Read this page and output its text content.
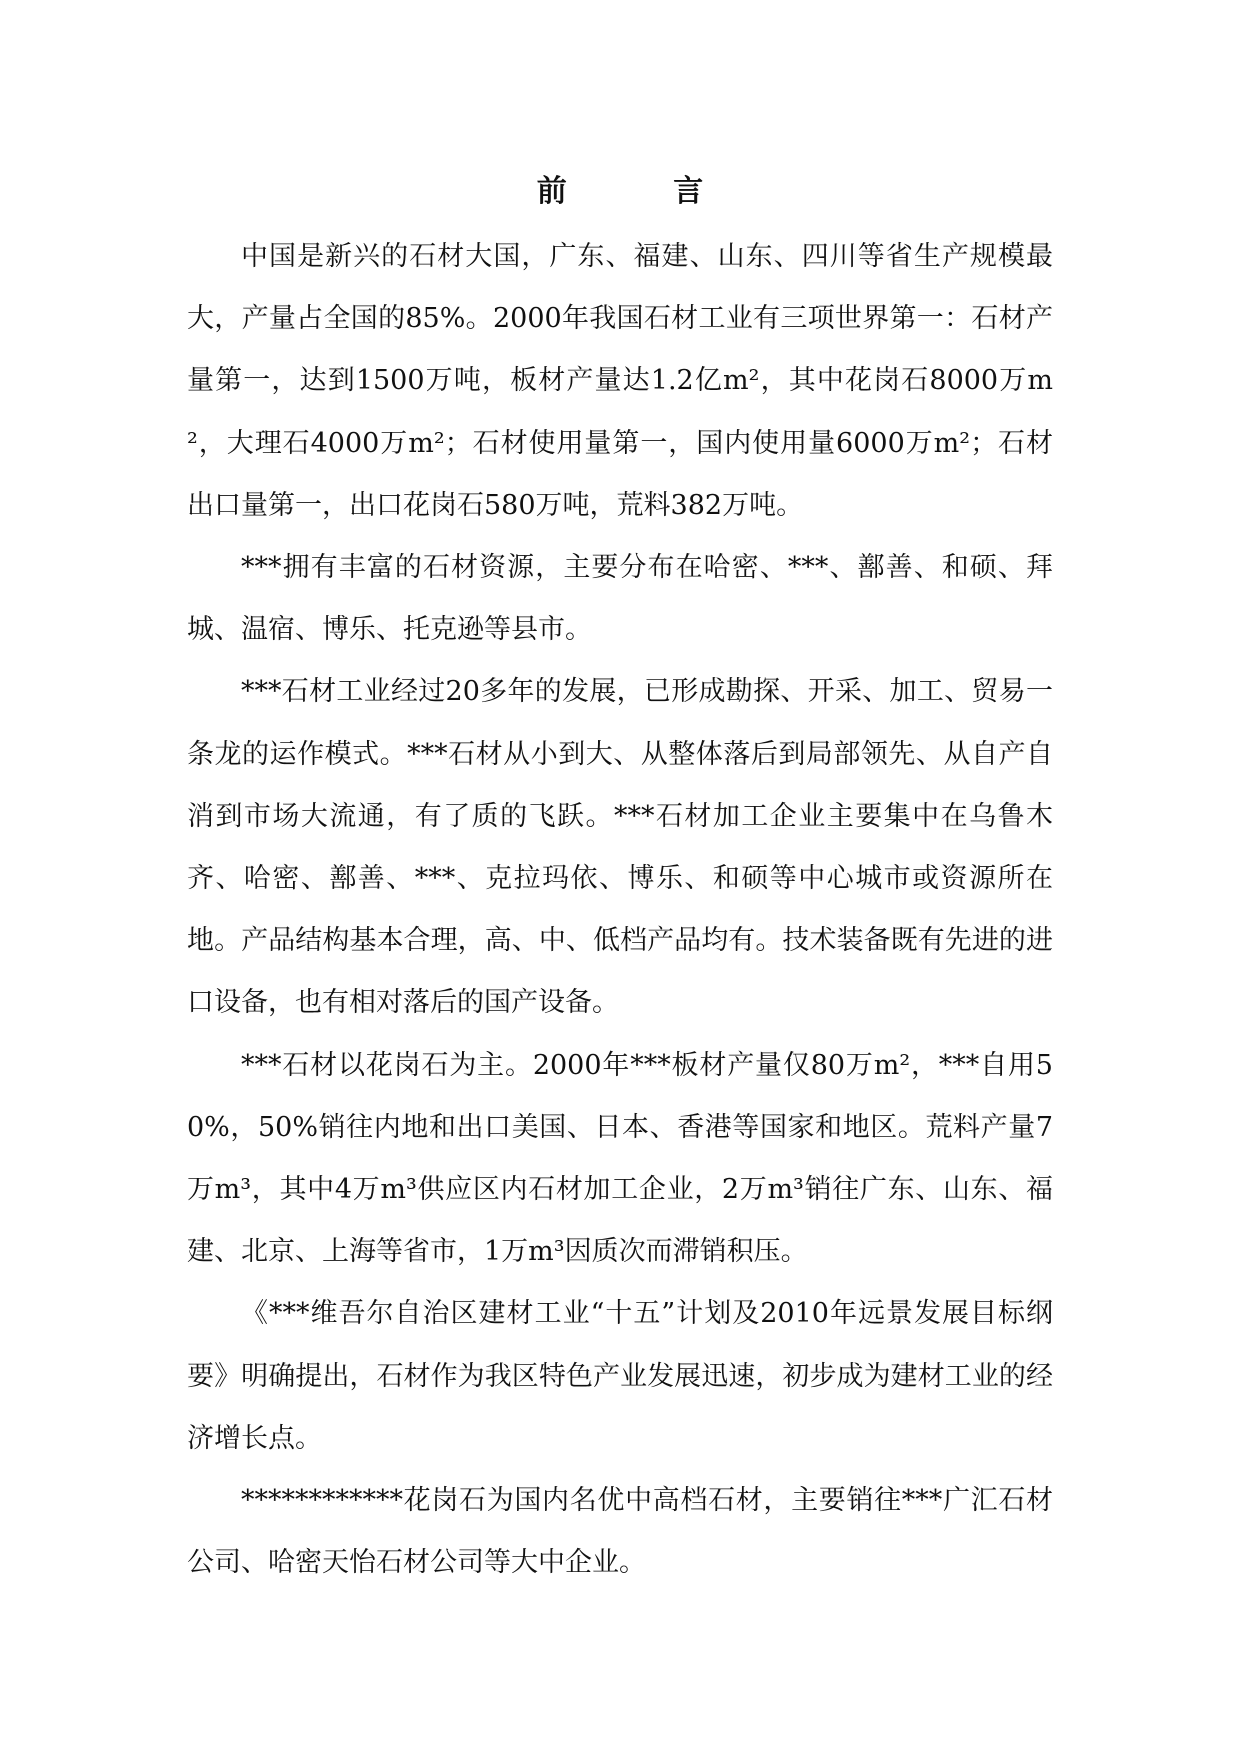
前 言

中国是新兴的石材大国，广东、福建、山东、四川等省生产规模最大，产量占全国的85%。2000年我国石材工业有三项世界第一：石材产量第一，达到1500万吨，板材产量达1.2亿m²，其中花岗石8000万m²，大理石4000万m²；石材使用量第一，国内使用量6000万m²；石材出口量第一，出口花岗石580万吨，荒料382万吨。

***拥有丰富的石材资源，主要分布在哈密、***、鄯善、和硕、拜城、温宿、博乐、托克逊等县市。

***石材工业经过20多年的发展，已形成勘探、开采、加工、贸易一条龙的运作模式。***石材从小到大、从整体落后到局部领先、从自产自消到市场大流通，有了质的飞跃。***石材加工企业主要集中在乌鲁木齐、哈密、鄯善、***、克拉玛依、博乐、和硕等中心城市或资源所在地。产品结构基本合理，高、中、低档产品均有。技术装备既有先进的进口设备，也有相对落后的国产设备。

***石材以花岗石为主。2000年***板材产量仅80万m²，***自用50%，50%销往内地和出口美国、日本、香港等国家和地区。荒料产量7万m³，其中4万m³供应区内石材加工企业，2万m³销往广东、山东、福建、北京、上海等省市，1万m³因质次而滞销积压。

《***维吾尔自治区建材工业“十五”计划及2010年远景发展目标纲要》明确提出，石材作为我区特色产业发展迅速，初步成为建材工业的经济增长点。

************花岗石为国内名优中高档石材，主要销往***广汇石材公司、哈密天怡石材公司等大中企业。
